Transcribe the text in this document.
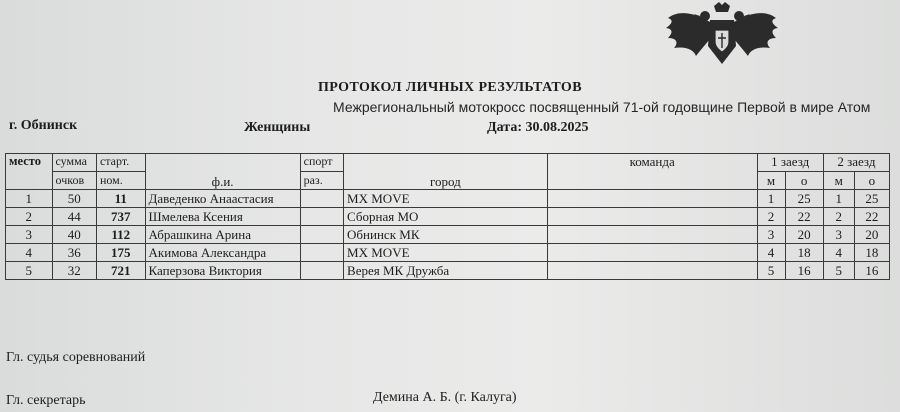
ПРОТОКОЛ ЛИЧНЫХ РЕЗУЛЬТАТОВ
Межрегиональный мотокросс посвященный 71-ой годовщине Первой в мире Атом
г. Обнинск	Женщины	Дата: 30.08.2025
место	сумма	старт.	ф.и.	спорт	город	команда	1 заезд		2 заезд	
	очков	ном.		раз.			м	о	м	о
1	50	11	Даведенко Анаастасия		MX MOVE		1	25	1	25
2	44	737	Шмелева Ксения		Сборная МО		2	22	2	22
3	40	112	Абрашкина Арина		Обнинск МК		3	20	3	20
4	36	175	Акимова Александра		MX MOVE		4	18	4	18
5	32	721	Каперзова Виктория		Верея МК Дружба		5	16	5	16
Гл. судья соревнований
Гл. секретарь	Демина А. Б. (г. Калуга)
